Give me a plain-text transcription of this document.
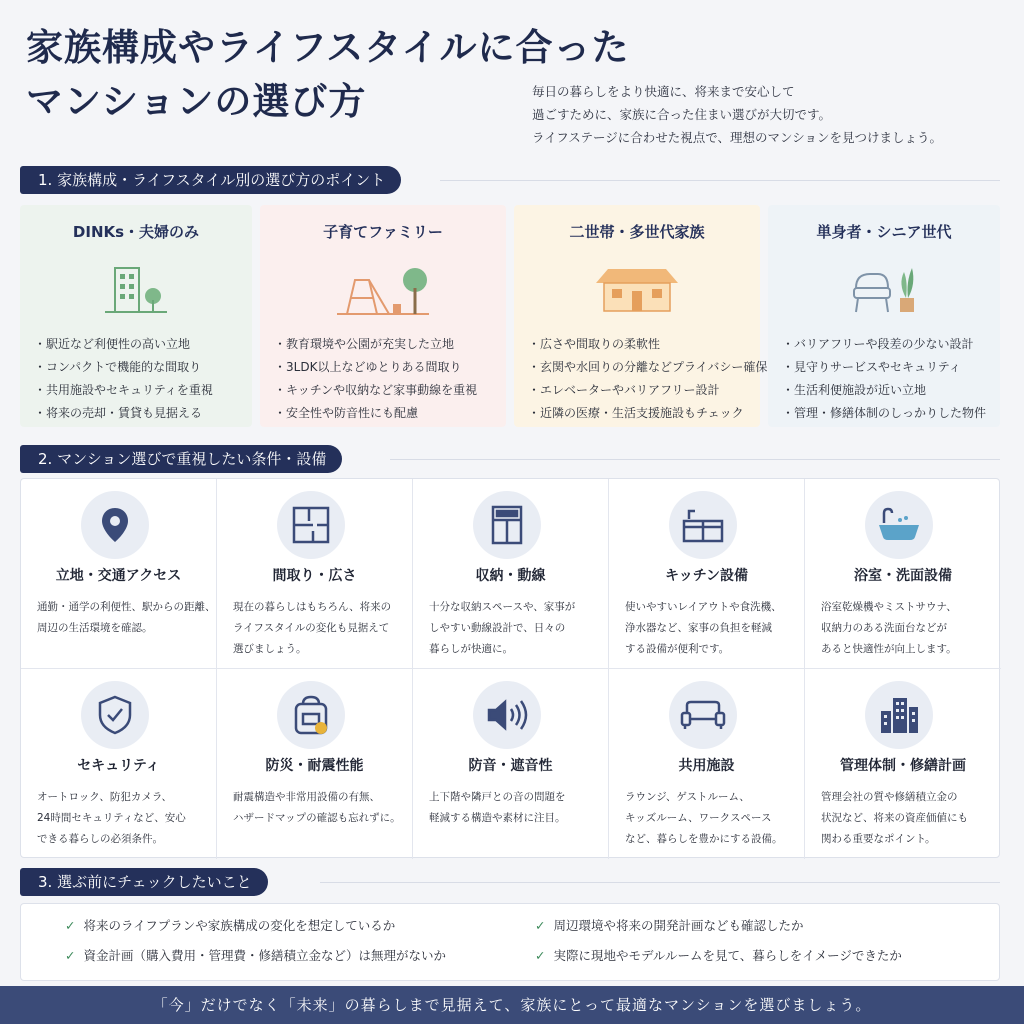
家族構成やライフスタイルに合った
マンションの選び方	毎日の暮らしをより快適に、将来まで安心して
過ごすために、家族に合った住まい選びが大切です。
ライフステージに合わせた視点で、理想のマンションを見つけましょう。
1. 家族構成・ライフスタイル別の選び方のポイント
DINKs・夫婦のみ
・ 駅近など利便性の高い立地
・ コンパクトで機能的な間取り
・ 共用施設やセキュリティを重視
・ 将来の売却・賃貸も見据える
子育てファミリー
・ 教育環境や公園が充実した立地
・ 3LDK以上などゆとりある間取り
・ キッチンや収納など家事動線を重視
・ 安全性や防音性にも配慮
二世帯・多世代家族
・ 広さや間取りの柔軟性
・ 玄関や水回りの分離などプライバシー確保
・ エレベーターやバリアフリー設計
・ 近隣の医療・生活支援施設もチェック
単身者・シニア世代
・ バリアフリーや段差の少ない設計
・ 見守りサービスやセキュリティ
・ 生活利便施設が近い立地
・ 管理・修繕体制のしっかりした物件
2. マンション選びで重視したい条件・設備
立地・交通アクセス
通勤・通学の利便性、駅からの距離、
周辺の生活環境を確認。
間取り・広さ
現在の暮らしはもちろん、将来の
ライフスタイルの変化も見据えて
選びましょう。
収納・動線
十分な収納スペースや、家事が
しやすい動線設計で、日々の
暮らしが快適に。
キッチン設備
使いやすいレイアウトや食洗機、
浄水器など、家事の負担を軽減
する設備が便利です。
浴室・洗面設備
浴室乾燥機やミストサウナ、
収納力のある洗面台などが
あると快適性が向上します。
セキュリティ
オートロック、防犯カメラ、
24時間セキュリティなど、安心
できる暮らしの必須条件。
防災・耐震性能
耐震構造や非常用設備の有無、
ハザードマップの確認も忘れずに。
防音・遮音性
上下階や隣戸との音の問題を
軽減する構造や素材に注目。
共用施設
ラウンジ、ゲストルーム、
キッズルーム、ワークスペース
など、暮らしを豊かにする設備。
管理体制・修繕計画
管理会社の質や修繕積立金の
状況など、将来の資産価値にも
関わる重要なポイント。
3. 選ぶ前にチェックしたいこと
✓ 将来のライフプランや家族構成の変化を想定しているか	✓ 周辺環境や将来の開発計画なども確認したか
✓ 資金計画（購入費用・管理費・修繕積立金など）は無理がないか	✓ 実際に現地やモデルルームを見て、暮らしをイメージできたか
「今」だけでなく「未来」の暮らしまで見据えて、家族にとって最適なマンションを選びましょう。
